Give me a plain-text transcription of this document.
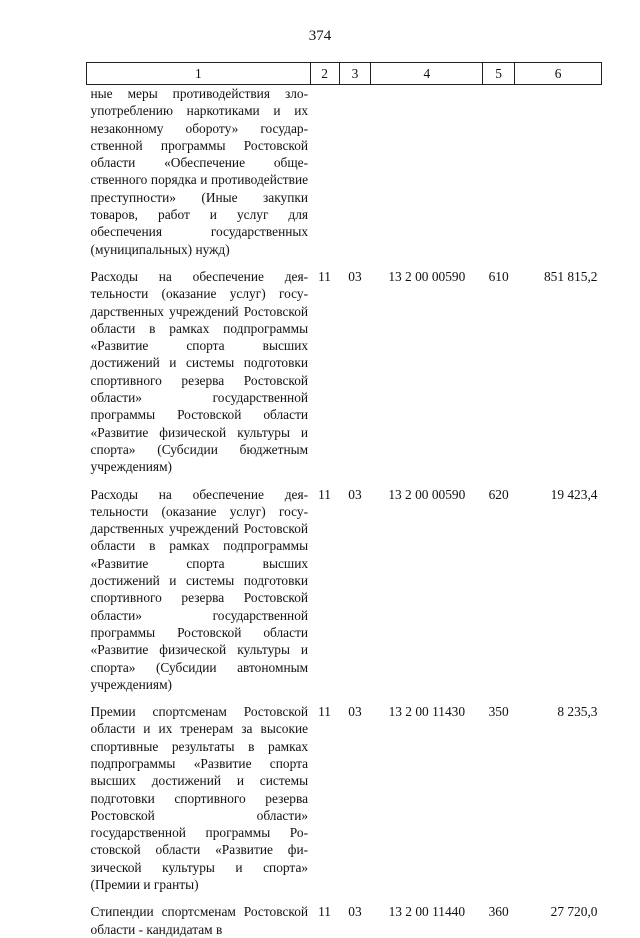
374
1	2	3	4	5	6
ные меры противодействия злоупотреблению наркотиками и их незаконному обороту» государственной программы Ростовской области «Обеспечение общественного порядка и противодействие преступности» (Иные закупки товаров, работ и услуг для обеспечения государственных (муниципальных) нужд)					
Расходы на обеспечение деятельности (оказание услуг) государственных учреждений Ростовской области в рамках подпрограммы «Развитие спорта высших достижений и системы подготовки спортивного резерва Ростовской области» государственной программы Ростовской области «Развитие физической культуры и спорта» (Субсидии бюджетным учреждениям)	11	03	13 2 00 00590	610	851 815,2
Расходы на обеспечение деятельности (оказание услуг) государственных учреждений Ростовской области в рамках подпрограммы «Развитие спорта высших достижений и системы подготовки спортивного резерва Ростовской области» государственной программы Ростовской области «Развитие физической культуры и спорта» (Субсидии автономным учреждениям)	11	03	13 2 00 00590	620	19 423,4
Премии спортсменам Ростовской области и их тренерам за высокие спортивные результаты в рамках подпрограммы «Развитие спорта высших достижений и системы подготовки спортивного резерва Ростовской области» государственной программы Ростовской области «Развитие физической культуры и спорта» (Премии и гранты)	11	03	13 2 00 11430	350	8 235,3
Стипендии спортсменам Ростовской области - кандидатам в	11	03	13 2 00 11440	360	27 720,0
